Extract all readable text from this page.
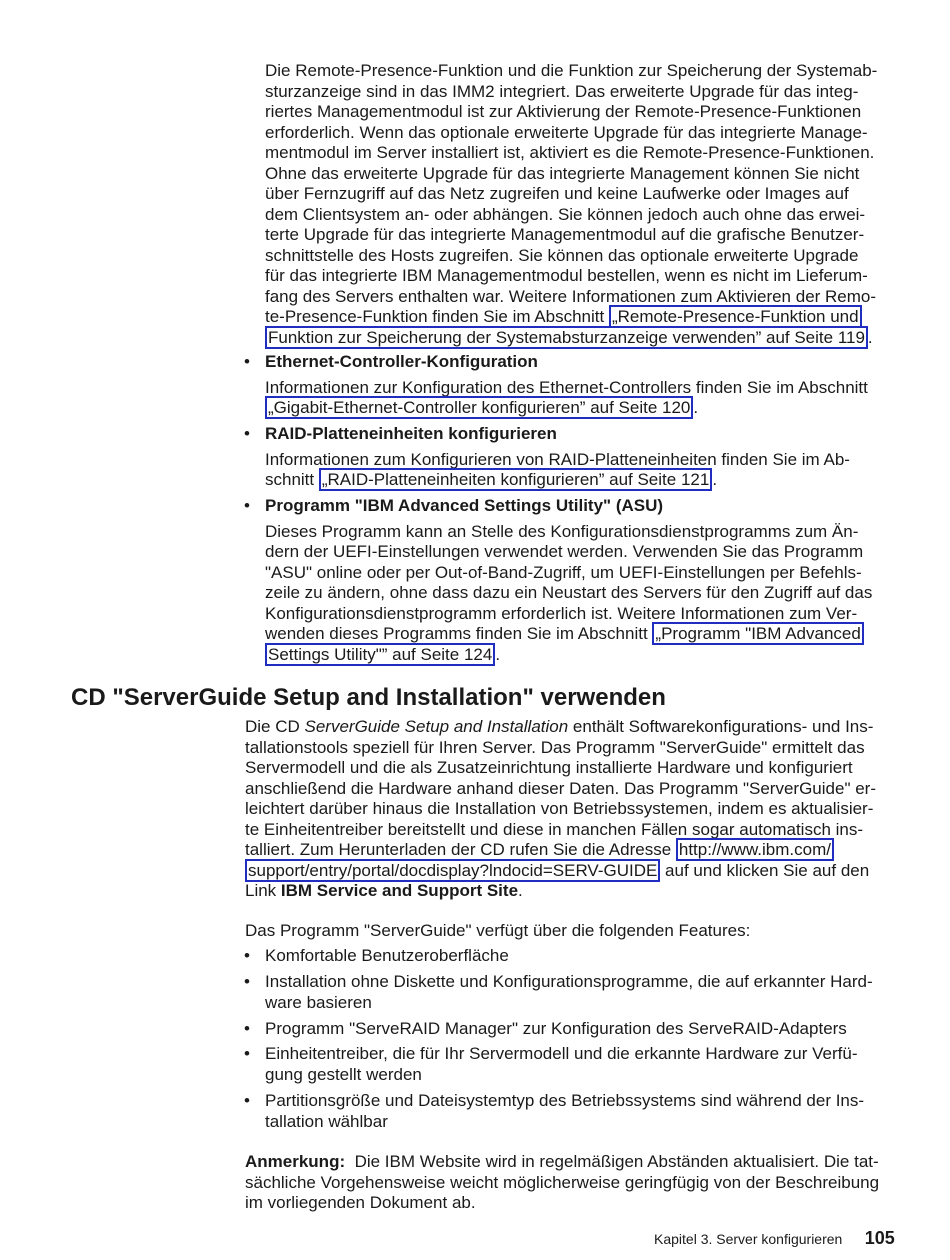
Die Remote-Presence-Funktion und die Funktion zur Speicherung der Systemab-
sturzanzeige sind in das IMM2 integriert. Das erweiterte Upgrade für das integ-
riertes Managementmodul ist zur Aktivierung der Remote-Presence-Funktionen
erforderlich. Wenn das optionale erweiterte Upgrade für das integrierte Manage-
mentmodul im Server installiert ist, aktiviert es die Remote-Presence-Funktionen.
Ohne das erweiterte Upgrade für das integrierte Management können Sie nicht
über Fernzugriff auf das Netz zugreifen und keine Laufwerke oder Images auf
dem Clientsystem an- oder abhängen. Sie können jedoch auch ohne das erwei-
terte Upgrade für das integrierte Managementmodul auf die grafische Benutzer-
schnittstelle des Hosts zugreifen. Sie können das optionale erweiterte Upgrade
für das integrierte IBM Managementmodul bestellen, wenn es nicht im Lieferum-
fang des Servers enthalten war. Weitere Informationen zum Aktivieren der Remo-
te-Presence-Funktion finden Sie im Abschnitt „Remote-Presence-Funktion und
Funktion zur Speicherung der Systemabsturzanzeige verwenden” auf Seite 119 .
• Ethernet-Controller-Konfiguration
Informationen zur Konfiguration des Ethernet-Controllers finden Sie im Abschnitt
„Gigabit-Ethernet-Controller konfigurieren” auf Seite 120 .
• RAID-Platteneinheiten konfigurieren
Informationen zum Konfigurieren von RAID-Platteneinheiten finden Sie im Ab-
schnitt „RAID-Platteneinheiten konfigurieren” auf Seite 121 .
• Programm "IBM Advanced Settings Utility" (ASU)
Dieses Programm kann an Stelle des Konfigurationsdienstprogramms zum Än-
dern der UEFI-Einstellungen verwendet werden. Verwenden Sie das Programm
"ASU" online oder per Out-of-Band-Zugriff, um UEFI-Einstellungen per Befehls-
zeile zu ändern, ohne dass dazu ein Neustart des Servers für den Zugriff auf das
Konfigurationsdienstprogramm erforderlich ist. Weitere Informationen zum Ver-
wenden dieses Programms finden Sie im Abschnitt „Programm "IBM Advanced
Settings Utility"” auf Seite 124 .
CD "ServerGuide Setup and Installation" verwenden
Die CD ServerGuide Setup and Installation enthält Softwarekonfigurations- und Ins-
tallationstools speziell für Ihren Server. Das Programm "ServerGuide" ermittelt das
Servermodell und die als Zusatzeinrichtung installierte Hardware und konfiguriert
anschließend die Hardware anhand dieser Daten. Das Programm "ServerGuide" er-
leichtert darüber hinaus die Installation von Betriebssystemen, indem es aktualisier-
te Einheitentreiber bereitstellt und diese in manchen Fällen sogar automatisch ins-
talliert. Zum Herunterladen der CD rufen Sie die Adresse http://www.ibm.com/
support/entry/portal/docdisplay?lndocid=SERV-GUIDE auf und klicken Sie auf den
Link IBM Service and Support Site.
Das Programm "ServerGuide" verfügt über die folgenden Features:
• Komfortable Benutzeroberfläche
• Installation ohne Diskette und Konfigurationsprogramme, die auf erkannter Hard-
ware basieren
• Programm "ServeRAID Manager" zur Konfiguration des ServeRAID-Adapters
• Einheitentreiber, die für Ihr Servermodell und die erkannte Hardware zur Verfü-
gung gestellt werden
• Partitionsgröße und Dateisystemtyp des Betriebssystems sind während der Ins-
tallation wählbar
Anmerkung:  Die IBM Website wird in regelmäßigen Abständen aktualisiert. Die tat-
sächliche Vorgehensweise weicht möglicherweise geringfügig von der Beschreibung
im vorliegenden Dokument ab.
Kapitel 3. Server konfigurieren 105
